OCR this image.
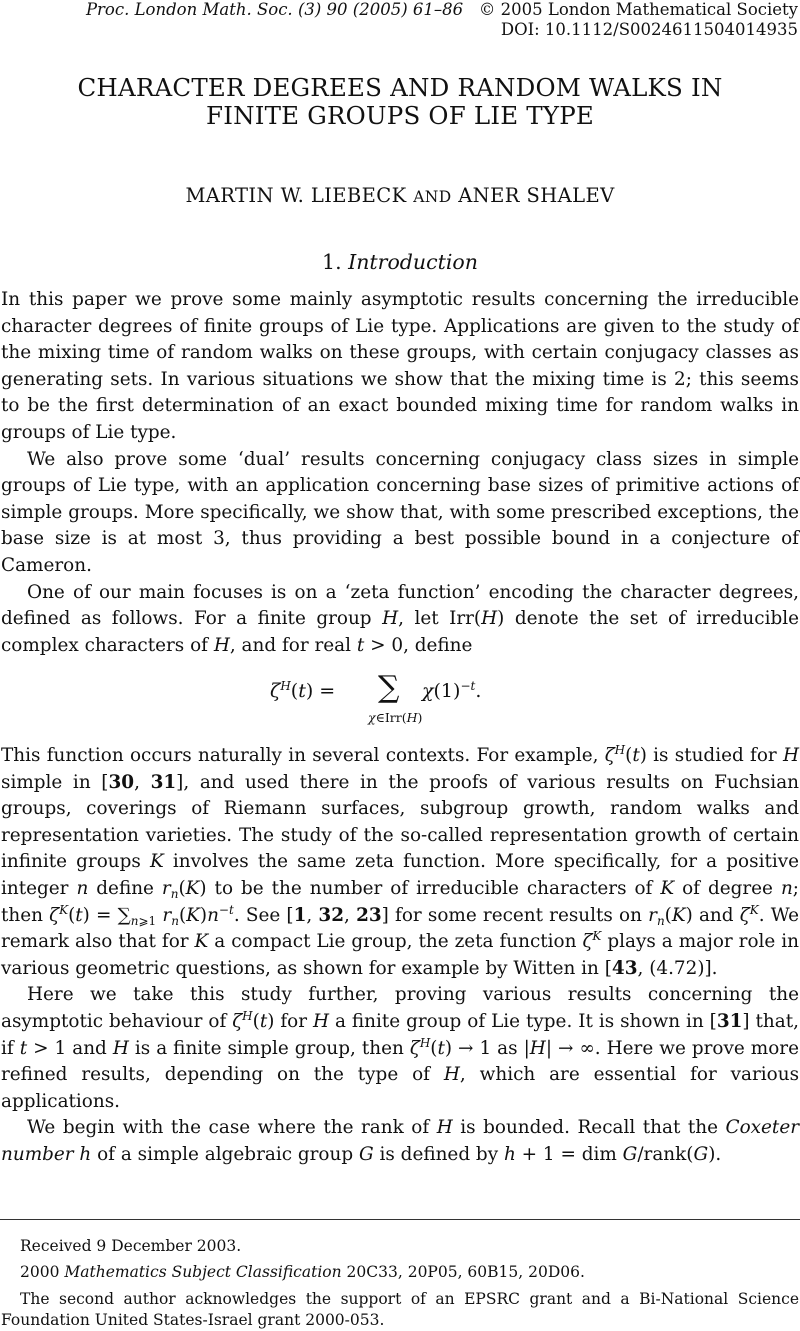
Proc. London Math. Soc. (3) 90 (2005) 61–86 © 2005 London Mathematical Society
DOI: 10.1112/S0024611504014935
CHARACTER DEGREES AND RANDOM WALKS IN
FINITE GROUPS OF LIE TYPE
MARTIN W. LIEBECK AND ANER SHALEV
1. Introduction

In this paper we prove some mainly asymptotic results concerning the irreducible character degrees of finite groups of Lie type. Applications are given to the study of the mixing time of random walks on these groups, with certain conjugacy classes as generating sets. In various situations we show that the mixing time is 2; this seems to be the first determination of an exact bounded mixing time for random walks in groups of Lie type.

We also prove some ‘dual’ results concerning conjugacy class sizes in simple groups of Lie type, with an application concerning base sizes of primitive actions of simple groups. More specifically, we show that, with some prescribed exceptions, the base size is at most 3, thus providing a best possible bound in a conjecture of Cameron.

One of our main focuses is on a ‘zeta function’ encoding the character degrees, defined as follows. For a finite group H, let Irr(H) denote the set of irreducible complex characters of H, and for real t > 0, define

$\zeta^H(t)$ = ∑ $\chi(1)^{-t}$.
χ∈Irr(H)

This function occurs naturally in several contexts. For example, $\zeta^H(t)$ is studied for H simple in [30, 31], and used there in the proofs of various results on Fuchsian groups, coverings of Riemann surfaces, subgroup growth, random walks and representation varieties. The study of the so-called representation growth of certain infinite groups K involves the same zeta function. More specifically, for a positive integer n define $r_n(K)$ to be the number of irreducible characters of K of degree n; then $\zeta^K(t) = \sum_{n⩾1}$ $r_n(K)n^{-t}$. See [1, 32, 23] for some recent results on $r_n(K)$ and $\zeta^K$. We remark also that for K a compact Lie group, the zeta function $\zeta^K$ plays a major role in various geometric questions, as shown for example by Witten in [43, (4.72)].

Here we take this study further, proving various results concerning the asymptotic behaviour of $\zeta^H(t)$ for H a finite group of Lie type. It is shown in [31] that, if t > 1 and H is a finite simple group, then $\zeta^H(t) \to 1$ as |H| → ∞. Here we prove more refined results, depending on the type of H, which are essential for various applications.

We begin with the case where the rank of H is bounded. Recall that the Coxeter number h of a simple algebraic group G is defined by h + 1 = dim G/rank(G).

Received 9 December 2003.
2000 Mathematics Subject Classification 20C33, 20P05, 60B15, 20D06.
The second author acknowledges the support of an EPSRC grant and a Bi-National Science Foundation United States-Israel grant 2000-053.
